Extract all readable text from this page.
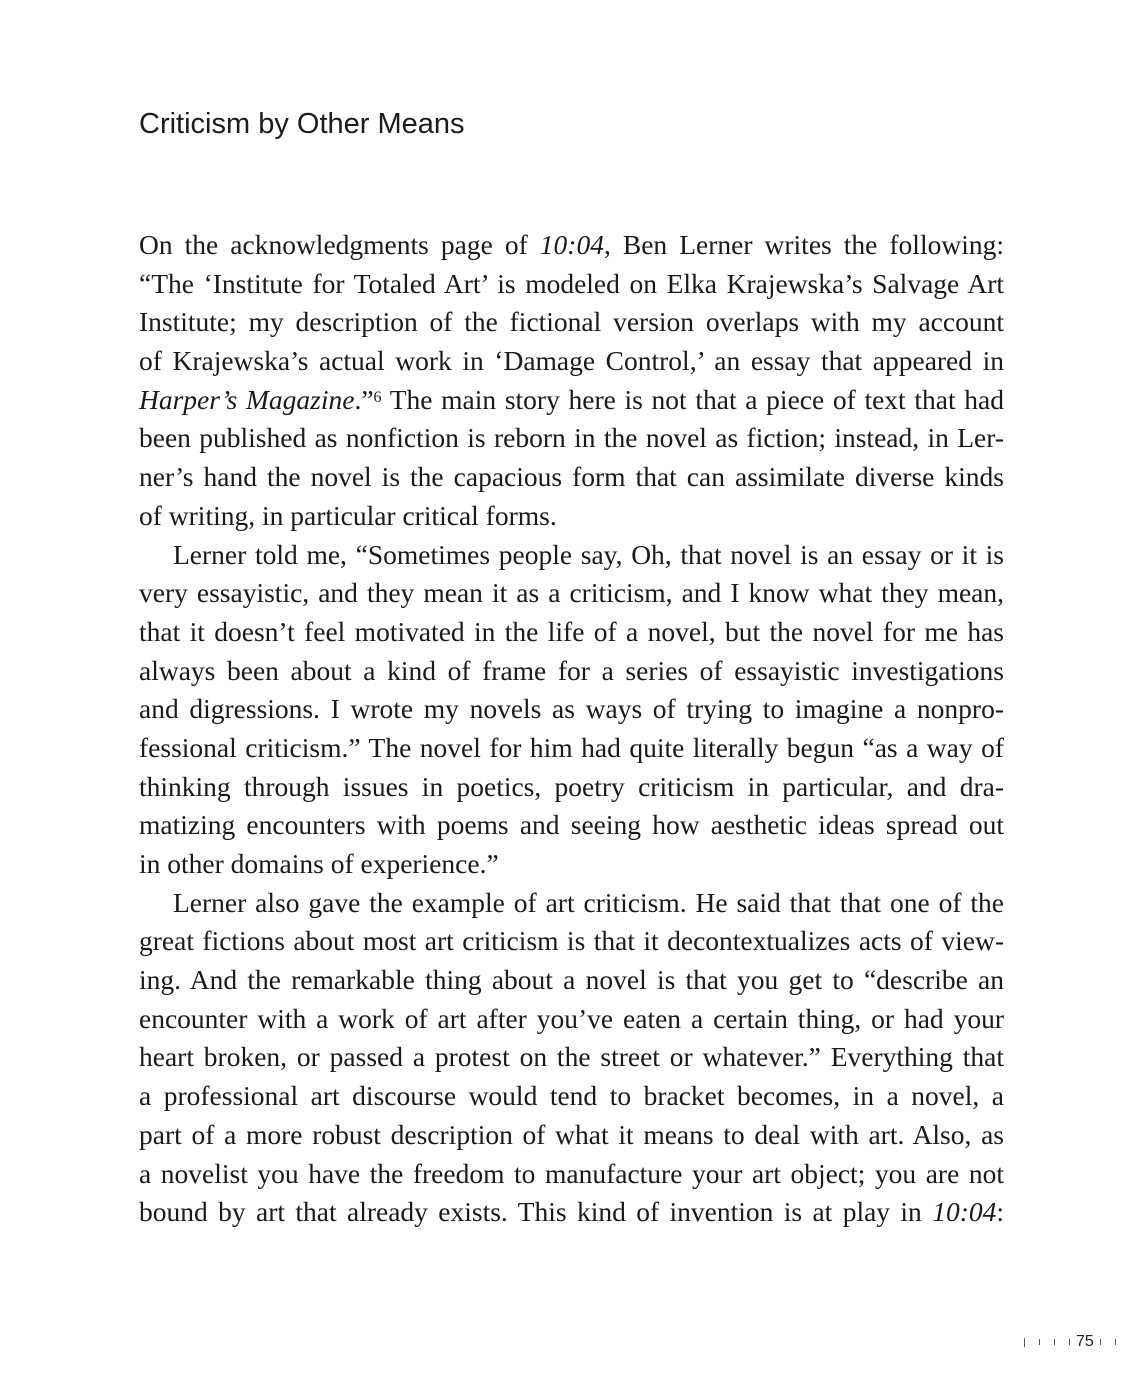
Criticism by Other Means
On the acknowledgments page of 10:04, Ben Lerner writes the following:
“The ‘Institute for Totaled Art’ is modeled on Elka Krajewska’s Salvage Art
Institute; my description of the fictional version overlaps with my account
of Krajewska’s actual work in ‘Damage Control,’ an essay that appeared in
Harper’s Magazine.”$^6$ The main story here is not that a piece of text that had
been published as nonfiction is reborn in the novel as fiction; instead, in Ler-
ner’s hand the novel is the capacious form that can assimilate diverse kinds
of writing, in particular critical forms.
Lerner told me, “Sometimes people say, Oh, that novel is an essay or it is
very essayistic, and they mean it as a criticism, and I know what they mean,
that it doesn’t feel motivated in the life of a novel, but the novel for me has
always been about a kind of frame for a series of essayistic investigations
and digressions. I wrote my novels as ways of trying to imagine a nonpro-
fessional criticism.” The novel for him had quite literally begun “as a way of
thinking through issues in poetics, poetry criticism in particular, and dra-
matizing encounters with poems and seeing how aesthetic ideas spread out
in other domains of experience.”
Lerner also gave the example of art criticism. He said that that one of the
great fictions about most art criticism is that it decontextualizes acts of view-
ing. And the remarkable thing about a novel is that you get to “describe an
encounter with a work of art after you’ve eaten a certain thing, or had your
heart broken, or passed a protest on the street or whatever.” Everything that
a professional art discourse would tend to bracket becomes, in a novel, a
part of a more robust description of what it means to deal with art. Also, as
a novelist you have the freedom to manufacture your art object; you are not
bound by art that already exists. This kind of invention is at play in 10:04:
75
